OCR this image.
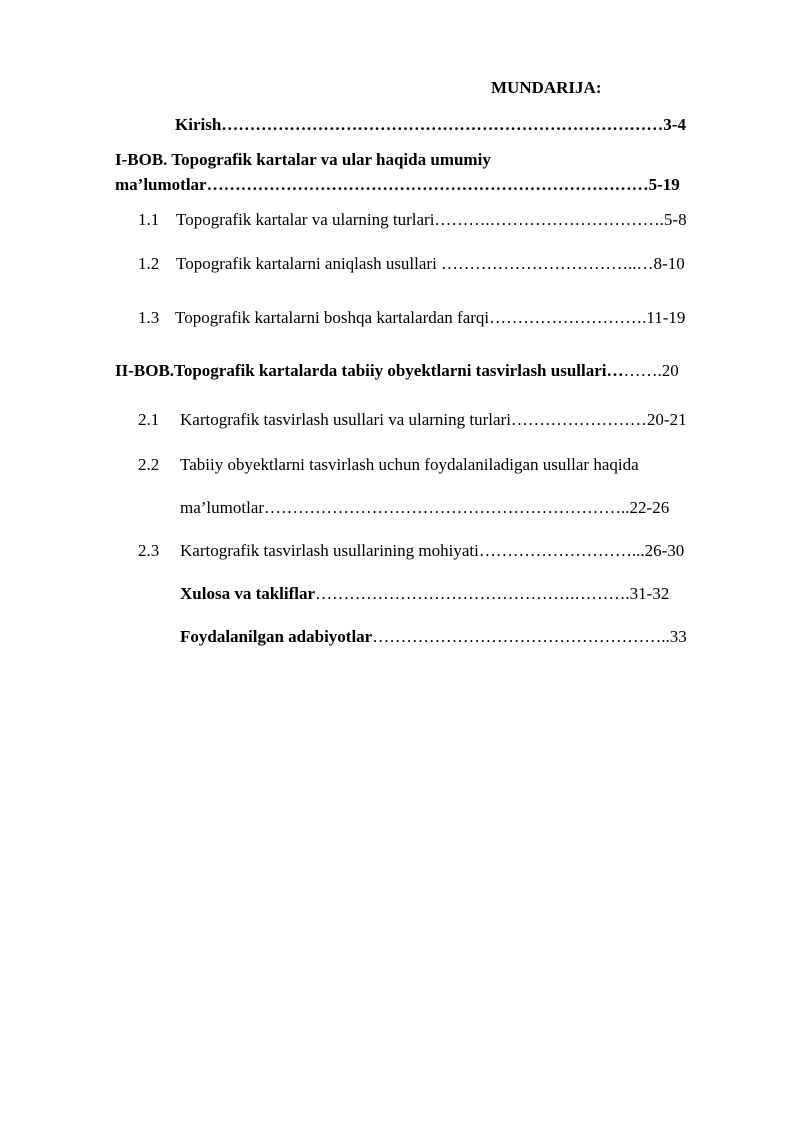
MUNDARIJA:
Kirish……………………………………………………………………3-4
I-BOB. Topografik kartalar va ular haqida umumiy
ma’lumotlar……………………………………………………………………5-19
1.1 Topografik kartalar va ularning turlari……….………………………….5-8
1.2 Topografik kartalarni aniqlash usullari ……………………………..…8-10
1.3 Topografik kartalarni boshqa kartalardan farqi……………………….11-19
II-BOB.Topografik kartalarda tabiiy obyektlarni tasvirlash usullari……….20
2.1 Kartografik tasvirlash usullari va ularning turlari……………………20-21
2.2 Tabiiy obyektlarni tasvirlash uchun foydalaniladigan usullar haqida
ma’lumotlar………………………………………………………..22-26
2.3 Kartografik tasvirlash usullarining mohiyati………………………...26-30
Xulosa va takliflar……………………………………….……….31-32
Foydalanilgan adabiyotlar……………………………………………..33
